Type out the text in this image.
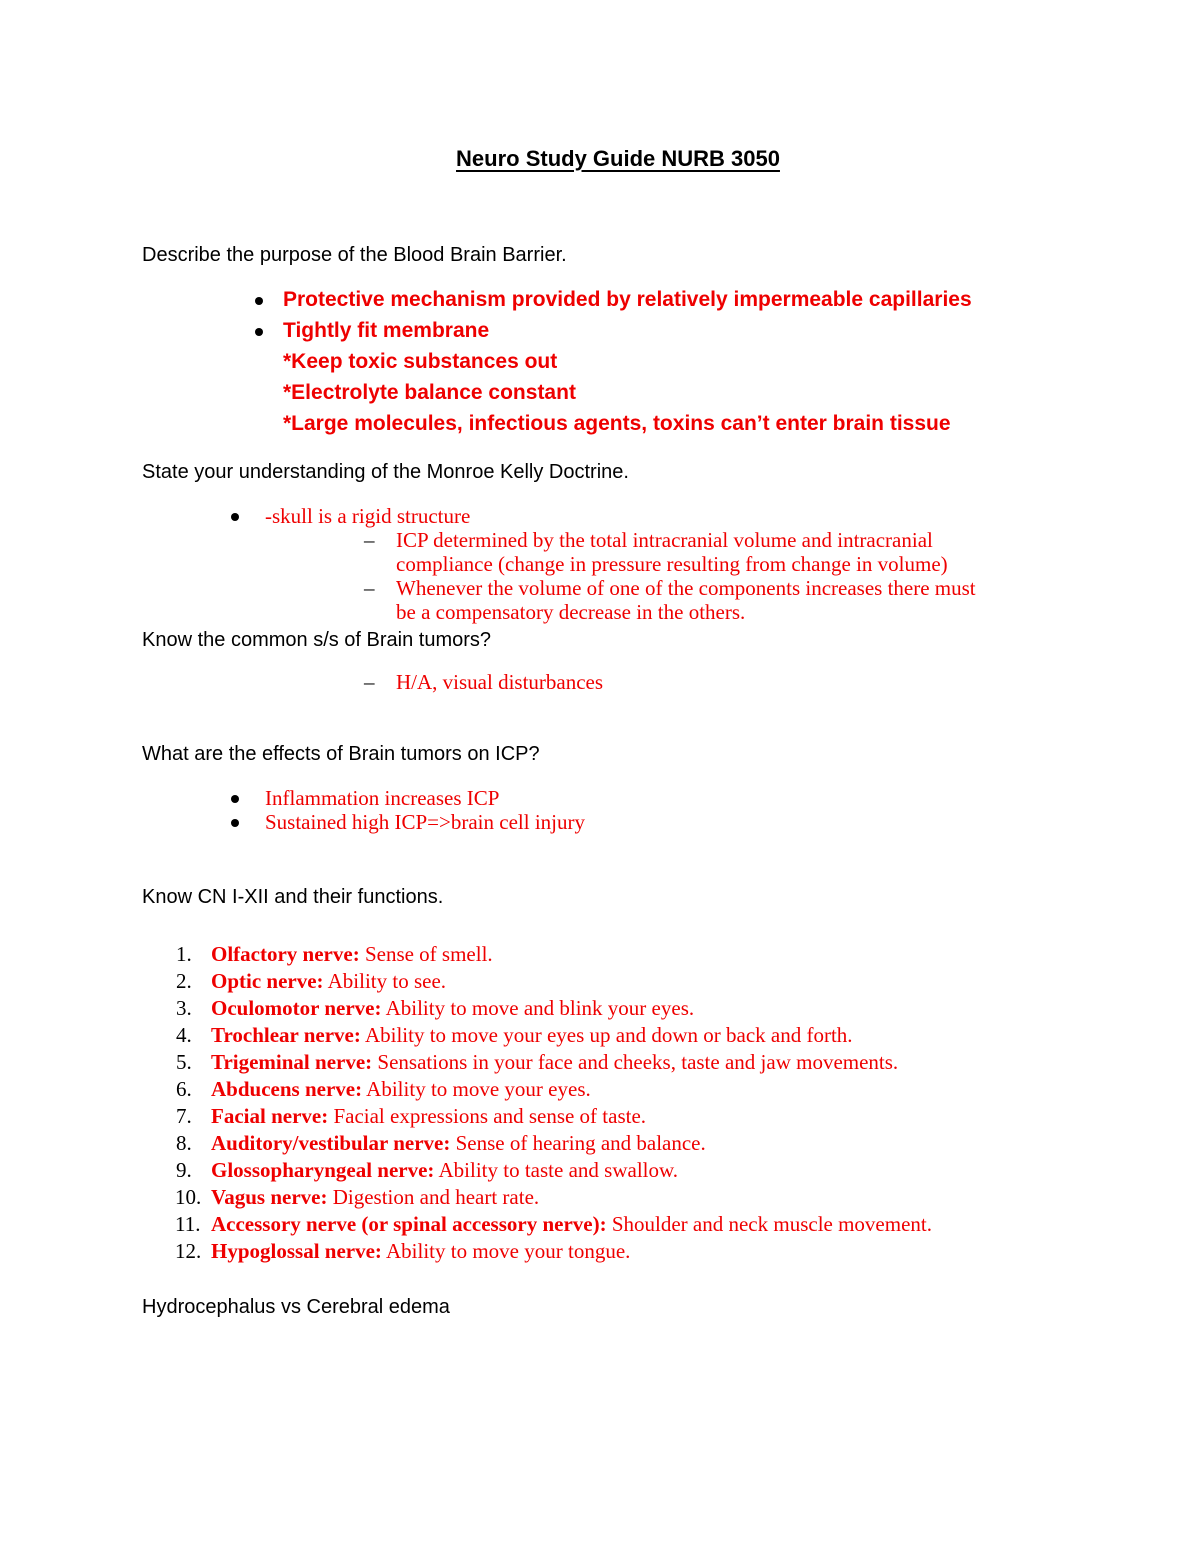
Neuro Study Guide NURB 3050
Describe the purpose of the Blood Brain Barrier.
Protective mechanism provided by relatively impermeable capillaries
Tightly fit membrane
*Keep toxic substances out
*Electrolyte balance constant
*Large molecules, infectious agents, toxins can’t enter brain tissue
State your understanding of the Monroe Kelly Doctrine.
-skull is a rigid structure
– ICP determined by the total intracranial volume and intracranial
compliance (change in pressure resulting from change in volume)
– Whenever the volume of one of the components increases there must
be a compensatory decrease in the others.
Know the common s/s of Brain tumors?
– H/A, visual disturbances
What are the effects of Brain tumors on ICP?
Inflammation increases ICP
Sustained high ICP=>brain cell injury
Know CN I-XII and their functions.
1. Olfactory nerve: Sense of smell.
2. Optic nerve: Ability to see.
3. Oculomotor nerve: Ability to move and blink your eyes.
4. Trochlear nerve: Ability to move your eyes up and down or back and forth.
5. Trigeminal nerve: Sensations in your face and cheeks, taste and jaw movements.
6. Abducens nerve: Ability to move your eyes.
7. Facial nerve: Facial expressions and sense of taste.
8. Auditory/vestibular nerve: Sense of hearing and balance.
9. Glossopharyngeal nerve: Ability to taste and swallow.
10. Vagus nerve: Digestion and heart rate.
11. Accessory nerve (or spinal accessory nerve): Shoulder and neck muscle movement.
12. Hypoglossal nerve: Ability to move your tongue.
Hydrocephalus vs Cerebral edema
